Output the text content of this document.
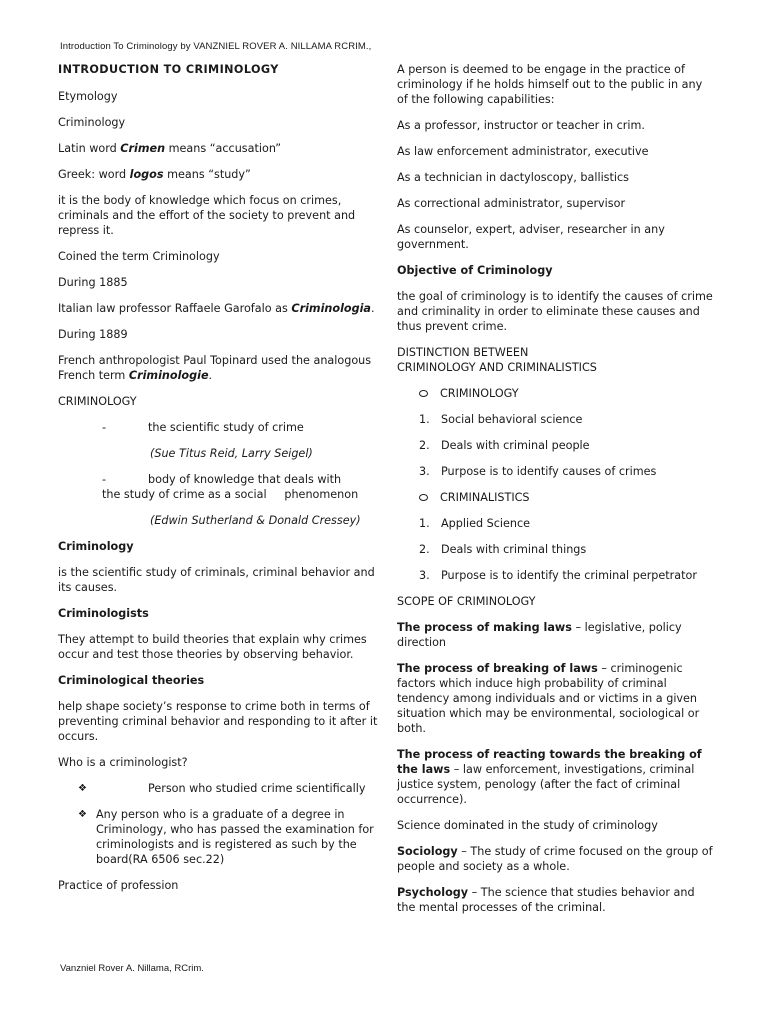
Introduction To Criminology by VANZNIEL ROVER A. NILLAMA RCRIM.,
INTRODUCTION TO CRIMINOLOGY
Etymology
Criminology
Latin word Crimen means “accusation”
Greek: word logos means “study”
it is the body of knowledge which focus on crimes, criminals and the effort of the society to prevent and repress it.
Coined the term Criminology
During 1885
Italian law professor Raffaele Garofalo as Criminologia.
During 1889
French anthropologist Paul Topinard used the analogous French term Criminologie.
CRIMINOLOGY
-	the scientific study of crime
(Sue Titus Reid, Larry Seigel)
-	body of knowledge that deals with
the study of crime as a social     phenomenon
(Edwin Sutherland & Donald Cressey)
Criminology
is the scientific study of criminals, criminal behavior and its causes.
Criminologists
They attempt to build theories that explain why crimes occur and test those theories by observing behavior.
Criminological theories
help shape society’s response to crime both in terms of preventing criminal behavior and responding to it after it occurs.
Who is a criminologist?
❖	Person who studied crime scientifically
❖ Any person who is a graduate of a degree in Criminology, who has passed the examination for criminologists and is registered as such by the board(RA 6506 sec.22)
Practice of profession
A person is deemed to be engage in the practice of criminology if he holds himself out to the public in any of the following capabilities:
As a professor, instructor or teacher in crim.
As law enforcement administrator, executive
As a technician in dactyloscopy, ballistics
As correctional administrator, supervisor
As counselor, expert, adviser, researcher in any government.
Objective of Criminology
the goal of criminology is to identify the causes of crime and criminality in order to eliminate these causes and thus prevent crime.
DISTINCTION BETWEEN
CRIMINOLOGY AND CRIMINALISTICS
CRIMINOLOGY
1.	Social behavioral science
2.	Deals with criminal people
3.	Purpose is to identify causes of crimes
CRIMINALISTICS
1.	Applied Science
2.	Deals with criminal things
3.	Purpose is to identify the criminal perpetrator
SCOPE OF CRIMINOLOGY
The process of making laws – legislative, policy direction
The process of breaking of laws – criminogenic factors which induce high probability of criminal tendency among individuals and or victims in a given situation which may be environmental, sociological or both.
The process of reacting towards the breaking of the laws – law enforcement, investigations, criminal justice system, penology (after the fact of criminal occurrence).
Science dominated in the study of criminology
Sociology – The study of crime focused on the group of people and society as a whole.
Psychology – The science that studies behavior and the mental processes of the criminal.
Vanzniel Rover A. Nillama, RCrim.
